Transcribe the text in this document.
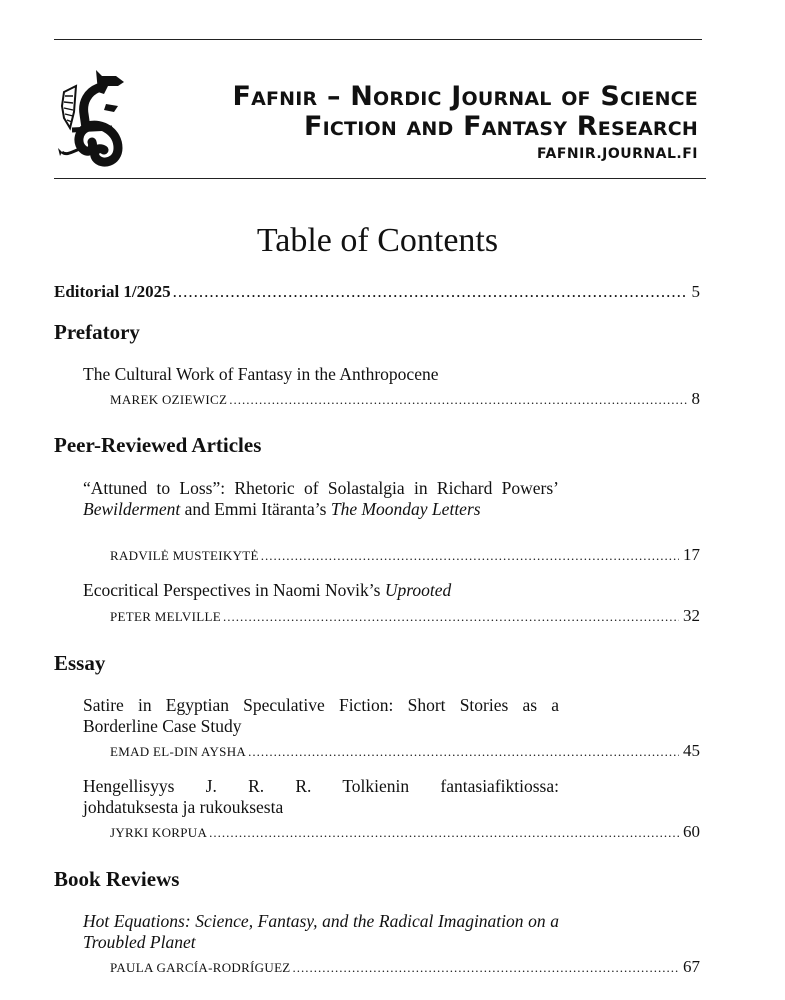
Fafnir – Nordic Journal of Science
Fiction and Fantasy Research
FAFNIR.JOURNAL.FI
Table of Contents
Editorial 1/2025 .....	5
Prefatory
The Cultural Work of Fantasy in the Anthropocene
MAREK OZIEWICZ .....	8
Peer-Reviewed Articles
“Attuned to Loss”: Rhetoric of Solastalgia in Richard Powers’ Bewilderment and Emmi Itäranta’s The Moonday Letters
RADVILĖ MUSTEIKYTĖ .....	17
Ecocritical Perspectives in Naomi Novik’s Uprooted
PETER MELVILLE .....	32
Essay
Satire in Egyptian Speculative Fiction: Short Stories as a Borderline Case Study
EMAD EL-DIN AYSHA .....	45
Hengellisyys J. R. R. Tolkienin fantasiafiktiossa:
johdatuksesta ja rukouksesta
JYRKI KORPUA .....	60
Book Reviews
Hot Equations: Science, Fantasy, and the Radical Imagination on a Troubled Planet
PAULA GARCÍA-RODRÍGUEZ .....	67
